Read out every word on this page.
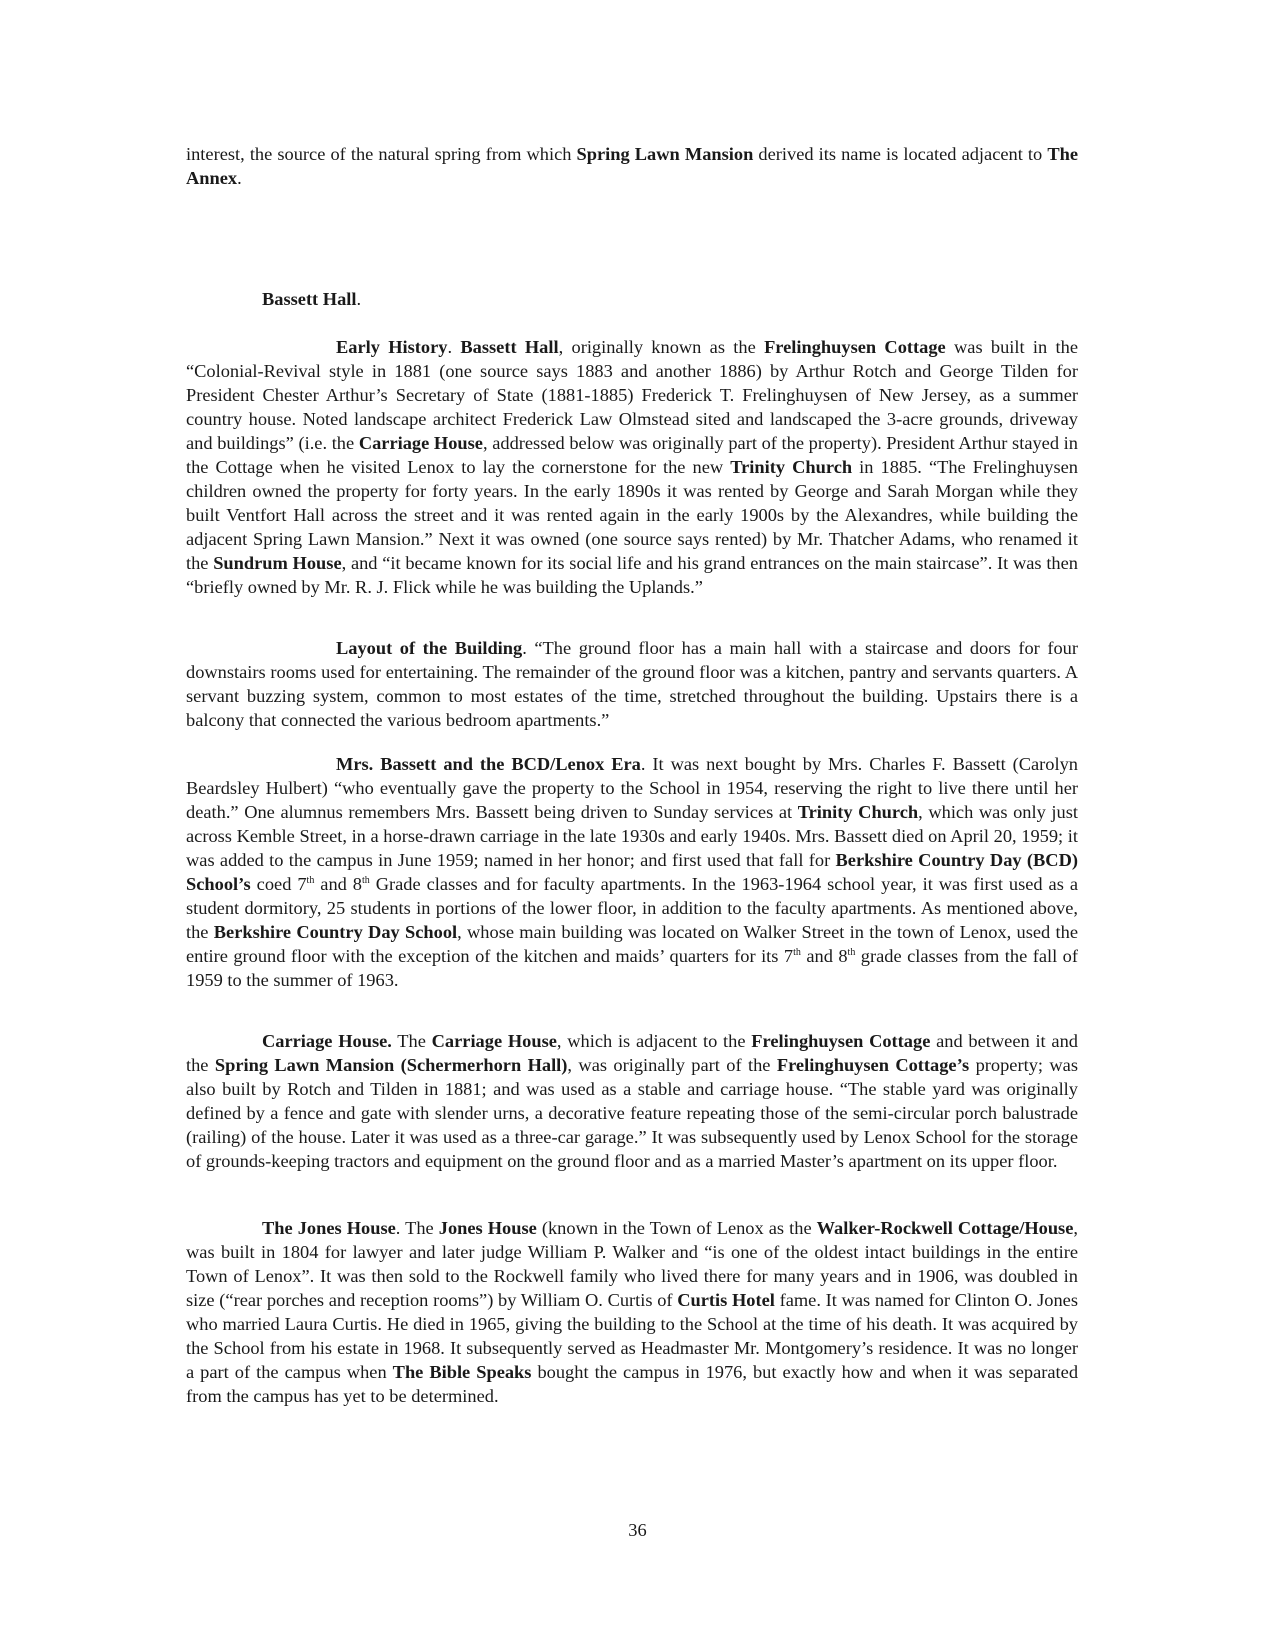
interest, the source of the natural spring from which Spring Lawn Mansion derived its name is located adjacent to The Annex.

Bassett Hall.

Early History. Bassett Hall, originally known as the Frelinghuysen Cottage was built in the “Colonial-Revival style in 1881 (one source says 1883 and another 1886) by Arthur Rotch and George Tilden for President Chester Arthur’s Secretary of State (1881-1885) Frederick T. Frelinghuysen of New Jersey, as a summer country house. Noted landscape architect Frederick Law Olmstead sited and landscaped the 3-acre grounds, driveway and buildings” (i.e. the Carriage House, addressed below was originally part of the property). President Arthur stayed in the Cottage when he visited Lenox to lay the cornerstone for the new Trinity Church in 1885. “The Frelinghuysen children owned the property for forty years. In the early 1890s it was rented by George and Sarah Morgan while they built Ventfort Hall across the street and it was rented again in the early 1900s by the Alexandres, while building the adjacent Spring Lawn Mansion.” Next it was owned (one source says rented) by Mr. Thatcher Adams, who renamed it the Sundrum House, and “it became known for its social life and his grand entrances on the main staircase”. It was then “briefly owned by Mr. R. J. Flick while he was building the Uplands.”

Layout of the Building. “The ground floor has a main hall with a staircase and doors for four downstairs rooms used for entertaining. The remainder of the ground floor was a kitchen, pantry and servants quarters. A servant buzzing system, common to most estates of the time, stretched throughout the building. Upstairs there is a balcony that connected the various bedroom apartments.”

Mrs. Bassett and the BCD/Lenox Era. It was next bought by Mrs. Charles F. Bassett (Carolyn Beardsley Hulbert) “who eventually gave the property to the School in 1954, reserving the right to live there until her death.” One alumnus remembers Mrs. Bassett being driven to Sunday services at Trinity Church, which was only just across Kemble Street, in a horse-drawn carriage in the late 1930s and early 1940s. Mrs. Bassett died on April 20, 1959; it was added to the campus in June 1959; named in her honor; and first used that fall for Berkshire Country Day (BCD) School’s coed 7th and 8th Grade classes and for faculty apartments. In the 1963-1964 school year, it was first used as a student dormitory, 25 students in portions of the lower floor, in addition to the faculty apartments. As mentioned above, the Berkshire Country Day School, whose main building was located on Walker Street in the town of Lenox, used the entire ground floor with the exception of the kitchen and maids’ quarters for its 7th and 8th grade classes from the fall of 1959 to the summer of 1963.

Carriage House. The Carriage House, which is adjacent to the Frelinghuysen Cottage and between it and the Spring Lawn Mansion (Schermerhorn Hall), was originally part of the Frelinghuysen Cottage’s property; was also built by Rotch and Tilden in 1881; and was used as a stable and carriage house. “The stable yard was originally defined by a fence and gate with slender urns, a decorative feature repeating those of the semi-circular porch balustrade (railing) of the house. Later it was used as a three-car garage.” It was subsequently used by Lenox School for the storage of grounds-keeping tractors and equipment on the ground floor and as a married Master’s apartment on its upper floor.

The Jones House. The Jones House (known in the Town of Lenox as the Walker-Rockwell Cottage/House, was built in 1804 for lawyer and later judge William P. Walker and “is one of the oldest intact buildings in the entire Town of Lenox”. It was then sold to the Rockwell family who lived there for many years and in 1906, was doubled in size (“rear porches and reception rooms”) by William O. Curtis of Curtis Hotel fame. It was named for Clinton O. Jones who married Laura Curtis. He died in 1965, giving the building to the School at the time of his death. It was acquired by the School from his estate in 1968. It subsequently served as Headmaster Mr. Montgomery’s residence. It was no longer a part of the campus when The Bible Speaks bought the campus in 1976, but exactly how and when it was separated from the campus has yet to be determined.

36
